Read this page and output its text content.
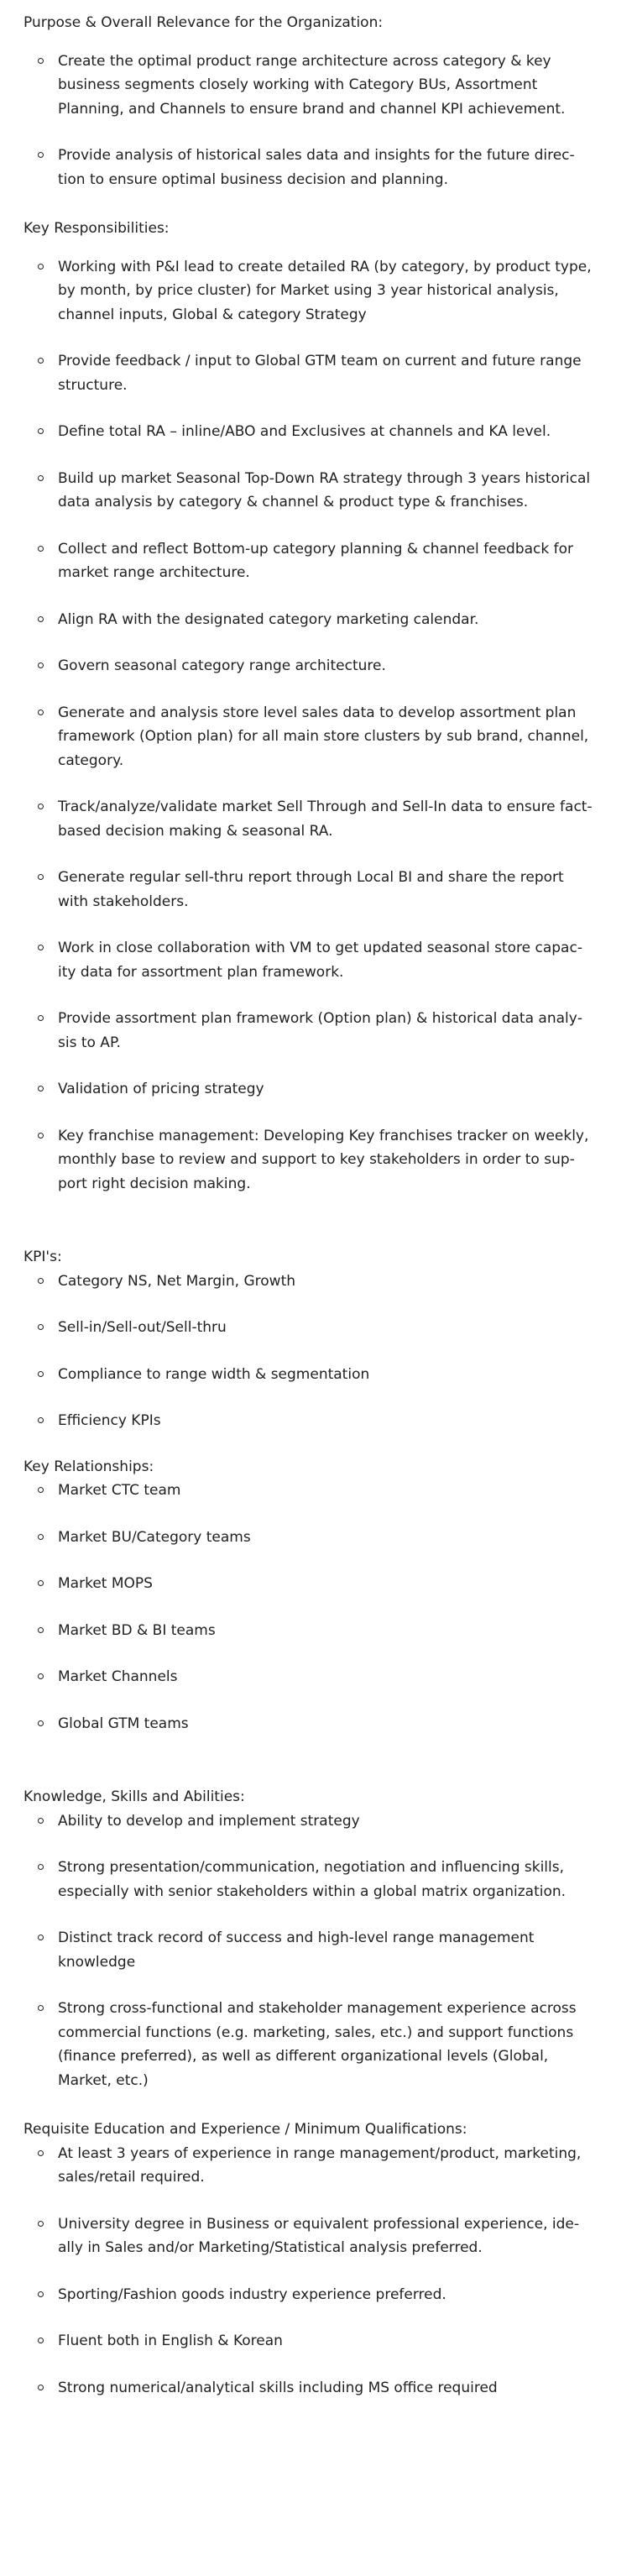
Purpose & Overall Relevance for the Organization:

Create the optimal product range architecture across category & key business segments closely working with Category BUs, Assortment Planning, and Channels to ensure brand and channel KPI achievement.
Provide analysis of historical sales data and insights for the future direction to ensure optimal business decision and planning.

Key Responsibilities:

Working with P&I lead to create detailed RA (by category, by product type, by month, by price cluster) for Market using 3 year historical analysis, channel inputs, Global & category Strategy
Provide feedback / input to Global GTM team on current and future range structure.
Define total RA – inline/ABO and Exclusives at channels and KA level.
Build up market Seasonal Top-Down RA strategy through 3 years historical data analysis by category & channel & product type & franchises.
Collect and reflect Bottom-up category planning & channel feedback for market range architecture.
Align RA with the designated category marketing calendar.
Govern seasonal category range architecture.
Generate and analysis store level sales data to develop assortment plan framework (Option plan) for all main store clusters by sub brand, channel, category.
Track/analyze/validate market Sell Through and Sell-In data to ensure fact-based decision making & seasonal RA.
Generate regular sell-thru report through Local BI and share the report with stakeholders.
Work in close collaboration with VM to get updated seasonal store capacity data for assortment plan framework.
Provide assortment plan framework (Option plan) & historical data analysis to AP.
Validation of pricing strategy
Key franchise management: Developing Key franchises tracker on weekly, monthly base to review and support to key stakeholders in order to support right decision making.

KPI's:

Category NS, Net Margin, Growth
Sell-in/Sell-out/Sell-thru
Compliance to range width & segmentation
Efficiency KPIs

Key Relationships:

Market CTC team
Market BU/Category teams
Market MOPS
Market BD & BI teams
Market Channels
Global GTM teams

Knowledge, Skills and Abilities:

Ability to develop and implement strategy
Strong presentation/communication, negotiation and influencing skills, especially with senior stakeholders within a global matrix organization.
Distinct track record of success and high-level range management knowledge
Strong cross-functional and stakeholder management experience across commercial functions (e.g. marketing, sales, etc.) and support functions (finance preferred), as well as different organizational levels (Global, Market, etc.)

Requisite Education and Experience / Minimum Qualifications:

At least 3 years of experience in range management/product, marketing, sales/retail required.
University degree in Business or equivalent professional experience, ideally in Sales and/or Marketing/Statistical analysis preferred.
Sporting/Fashion goods industry experience preferred.
Fluent both in English & Korean
Strong numerical/analytical skills including MS office required
